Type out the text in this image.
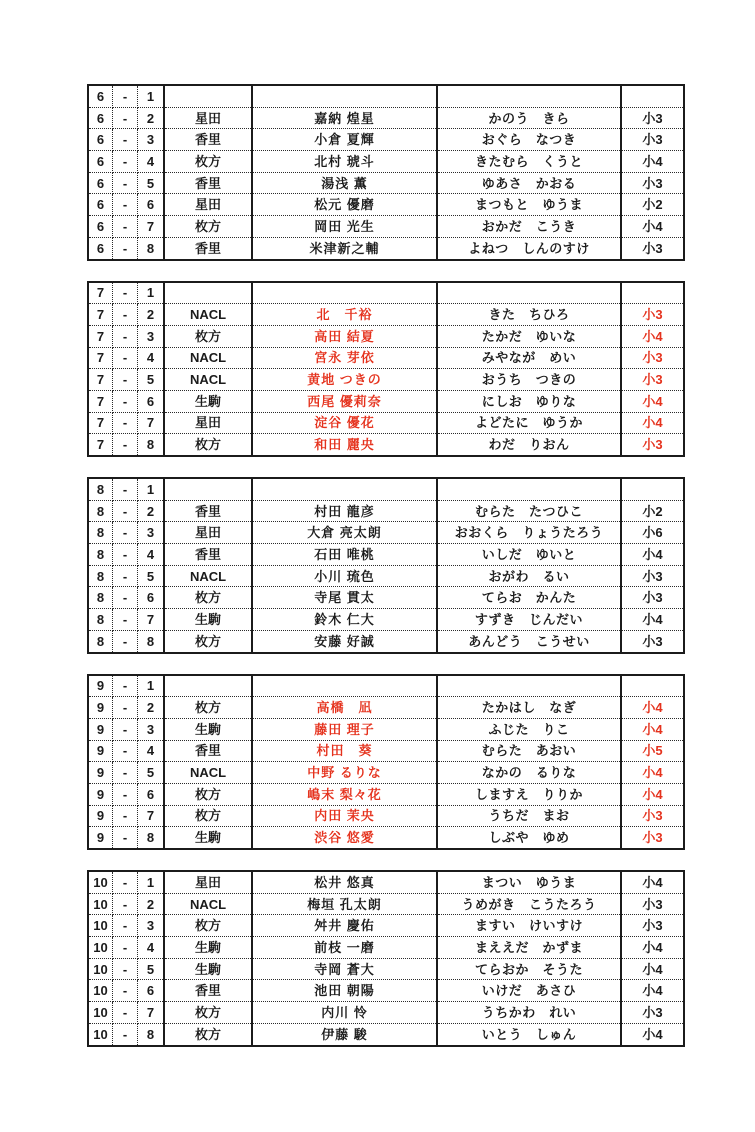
6	-	1				
6	-	2	星田	嘉納 煌星	かのう　きら	小3
6	-	3	香里	小倉 夏輝	おぐら　なつき	小3
6	-	4	枚方	北村 琥斗	きたむら　くうと	小4
6	-	5	香里	湯浅 薫	ゆあさ　かおる	小3
6	-	6	星田	松元 優磨	まつもと　ゆうま	小2
6	-	7	枚方	岡田 光生	おかだ　こうき	小4
6	-	8	香里	米津新之輔	よねつ　しんのすけ	小3
7	-	1				
7	-	2	NACL	北　千裕	きた　ちひろ	小3
7	-	3	枚方	高田 結夏	たかだ　ゆいな	小4
7	-	4	NACL	宮永 芽依	みやなが　めい	小3
7	-	5	NACL	黄地 つきの	おうち　つきの	小3
7	-	6	生駒	西尾 優莉奈	にしお　ゆりな	小4
7	-	7	星田	淀谷 優花	よどたに　ゆうか	小4
7	-	8	枚方	和田 麗央	わだ　りおん	小3
8	-	1				
8	-	2	香里	村田 龍彦	むらた　たつひこ	小2
8	-	3	星田	大倉 亮太朗	おおくら　りょうたろう	小6
8	-	4	香里	石田 唯桃	いしだ　ゆいと	小4
8	-	5	NACL	小川 琉色	おがわ　るい	小3
8	-	6	枚方	寺尾 貫太	てらお　かんた	小3
8	-	7	生駒	鈴木 仁大	すずき　じんだい	小4
8	-	8	枚方	安藤 好誠	あんどう　こうせい	小3
9	-	1				
9	-	2	枚方	高橋　凪	たかはし　なぎ	小4
9	-	3	生駒	藤田 理子	ふじた　りこ	小4
9	-	4	香里	村田　葵	むらた　あおい	小5
9	-	5	NACL	中野 るりな	なかの　るりな	小4
9	-	6	枚方	嶋末 梨々花	しますえ　りりか	小4
9	-	7	枚方	内田 茉央	うちだ　まお	小3
9	-	8	生駒	渋谷 悠愛	しぶや　ゆめ	小3
10	-	1	星田	松井 悠真	まつい　ゆうま	小4
10	-	2	NACL	梅垣 孔太朗	うめがき　こうたろう	小3
10	-	3	枚方	舛井 慶佑	ますい　けいすけ	小3
10	-	4	生駒	前枝 一磨	まええだ　かずま	小4
10	-	5	生駒	寺岡 蒼大	てらおか　そうた	小4
10	-	6	香里	池田 朝陽	いけだ　あさひ	小4
10	-	7	枚方	内川 怜	うちかわ　れい	小3
10	-	8	枚方	伊藤 駿	いとう　しゅん	小4
